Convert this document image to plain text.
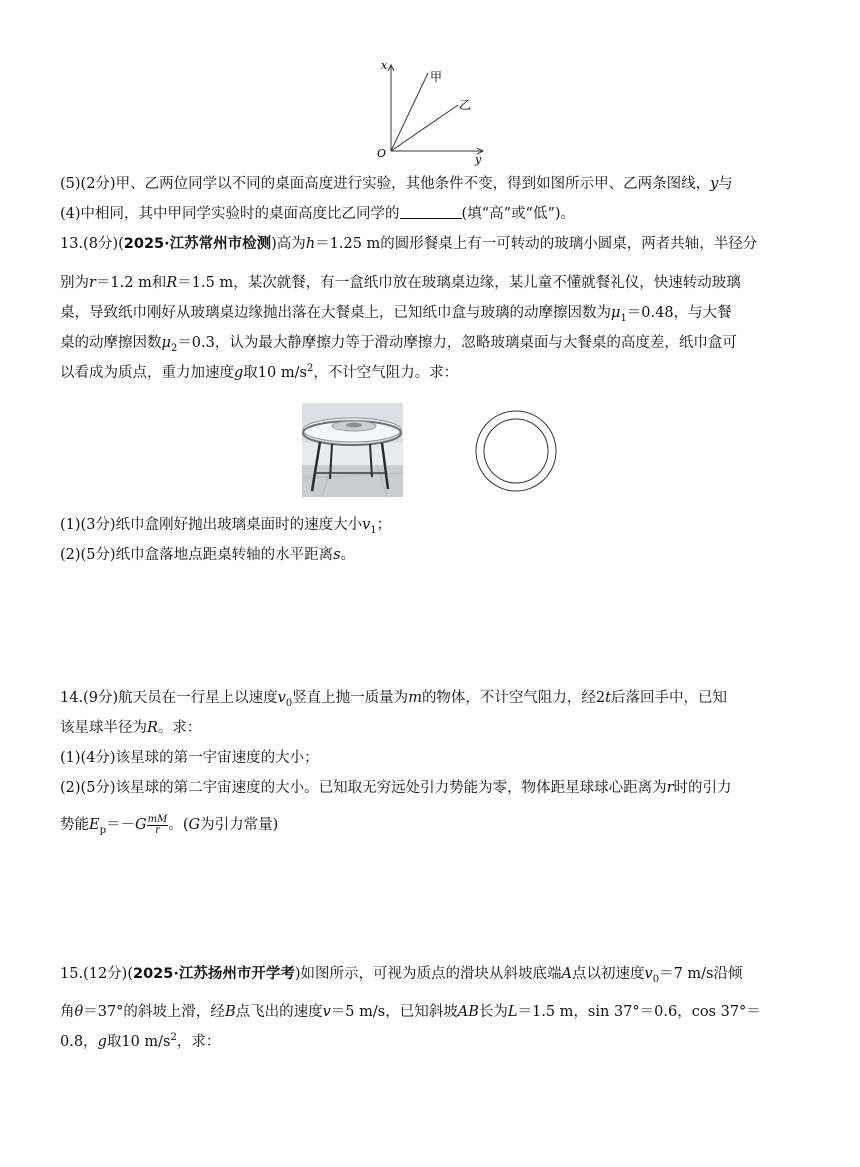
x
y
O
甲
乙

(5)(2分)甲、乙两位同学以不同的桌面高度进行实验，其他条件不变，得到如图所示甲、乙两条图线，y与

(4)中相同，其中甲同学实验时的桌面高度比乙同学的	(填“高”或“低”)。

13.(8分)(2025·江苏常州市检测)高为h＝1.25 m的圆形餐桌上有一可转动的玻璃小圆桌，两者共轴，半径分

别为r＝1.2 m和R＝1.5 m，某次就餐，有一盒纸巾放在玻璃桌边缘，某儿童不懂就餐礼仪，快速转动玻璃

桌，导致纸巾刚好从玻璃桌边缘抛出落在大餐桌上，已知纸巾盒与玻璃的动摩擦因数为$\mu_1=0.48$，与大餐

桌的动摩擦因数$\mu_2=0.3$，认为最大静摩擦力等于滑动摩擦力，忽略玻璃桌面与大餐桌的高度差，纸巾盒可

以看成为质点，重力加速度g取10 $m/s^2$，不计空气阻力。求：

(1)(3分)纸巾盒刚好抛出玻璃桌面时的速度大小$v_1$；

(2)(5分)纸巾盒落地点距桌转轴的水平距离s。

14.(9分)航天员在一行星上以速度$v_0$竖直上抛一质量为m的物体，不计空气阻力，经2t后落回手中，已知

该星球半径为R。求：

(1)(4分)该星球的第一宇宙速度的大小；

(2)(5分)该星球的第二宇宙速度的大小。已知取无穷远处引力势能为零，物体距星球球心距离为r时的引力

势能$E_p=-G \frac{mM}{r}$ 。(G为引力常量)

15.(12分)(2025·江苏扬州市开学考)如图所示，可视为质点的滑块从斜坡底端A点以初速度$v_0=7$ m/s沿倾

角θ＝37°的斜坡上滑，经B点飞出的速度v＝5 m/s，已知斜坡AB长为L＝1.5 m，sin 37°＝0.6，cos 37°＝

0.8，g取10 $m/s^2$，求：
